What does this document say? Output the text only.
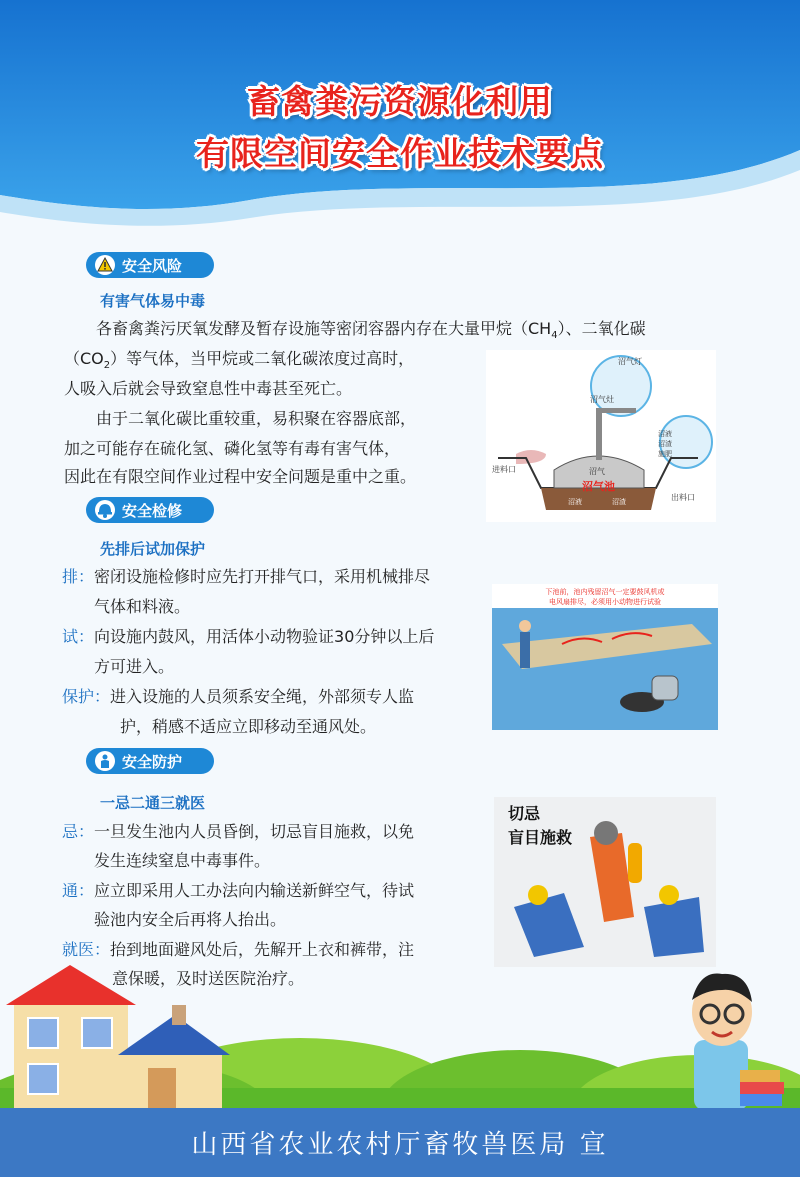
畜禽粪污资源化利用
有限空间安全作业技术要点
安全风险
有害气体易中毒
各畜禽粪污厌氧发酵及暂存设施等密闭容器内存在大量甲烷$(CH_4)$、二氧化碳
$(CO_2)$等气体，当甲烷或二氧化碳浓度过高时，
人吸入后就会导致窒息性中毒甚至死亡。
由于二氧化碳比重较重，易积聚在容器底部，
加之可能存在硫化氢、磷化氢等有毒有害气体，
因此在有限空间作业过程中安全问题是重中之重。	进料口
出料口
沼气灯
沼气灶
沼气
沼气池
沼液	沼渣
沼液
沼渣
施肥
安全检修
先排后试加保护
排：密闭设施检修时应先打开排气口，采用机械排尽
气体和料液。
试：向设施内鼓风，用活体小动物验证30分钟以上后
方可进入。
保护：进入设施的人员须系安全绳，外部须专人监
护，稍感不适应立即移动至通风处。
下池前，池内残留沼气一定要鼓风机或
电风扇排尽，必须用小动物进行试验
安全防护
一忌二通三就医
忌：一旦发生池内人员昏倒，切忌盲目施救，以免
发生连续窒息中毒事件。
通：应立即采用人工办法向内输送新鲜空气，待试
验池内安全后再将人抬出。
就医：抬到地面避风处后，先解开上衣和裤带，注
意保暖，及时送医院治疗。
切忌
盲目施救
山西省农业农村厅畜牧兽医局 宣
